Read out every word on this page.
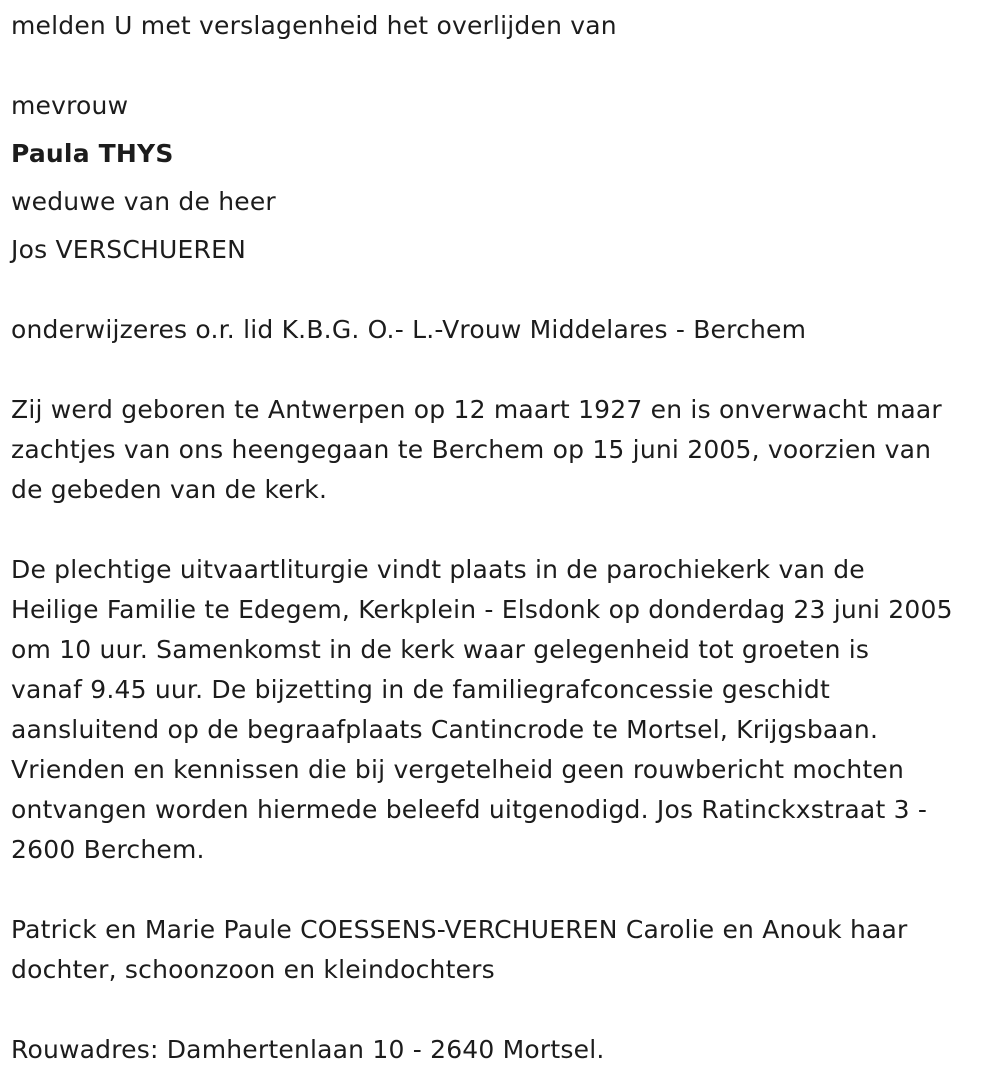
melden U met verslagenheid het overlijden van

mevrouw

Paula THYS

weduwe van de heer

Jos VERSCHUEREN

onderwijzeres o.r. lid K.B.G. O.- L.-Vrouw Middelares - Berchem

Zij werd geboren te Antwerpen op 12 maart 1927 en is onverwacht maar

zachtjes van ons heengegaan te Berchem op 15 juni 2005, voorzien van

de gebeden van de kerk.

De plechtige uitvaartliturgie vindt plaats in de parochiekerk van de

Heilige Familie te Edegem, Kerkplein - Elsdonk op donderdag 23 juni 2005

om 10 uur. Samenkomst in de kerk waar gelegenheid tot groeten is

vanaf 9.45 uur. De bijzetting in de familiegrafconcessie geschidt

aansluitend op de begraafplaats Cantincrode te Mortsel, Krijgsbaan.

Vrienden en kennissen die bij vergetelheid geen rouwbericht mochten

ontvangen worden hiermede beleefd uitgenodigd. Jos Ratinckxstraat 3 -

2600 Berchem.

Patrick en Marie Paule COESSENS-VERCHUEREN Carolie en Anouk haar

dochter, schoonzoon en kleindochters

Rouwadres: Damhertenlaan 10 - 2640 Mortsel.
